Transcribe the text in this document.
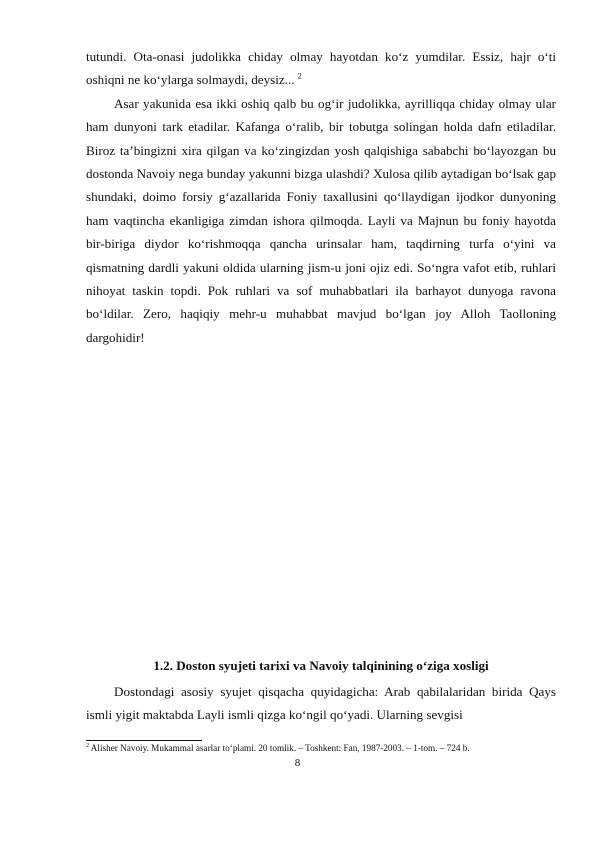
tutundi. Ota-onasi judolikka chiday olmay hayotdan ko‘z yumdilar. Essiz, hajr o‘ti oshiqni ne ko‘ylarga solmaydi, deysiz... $^2$

Asar yakunida esa ikki oshiq qalb bu og‘ir judolikka, ayrilliqqa chiday olmay ular ham dunyoni tark etadilar. Kafanga o‘ralib, bir tobutga solingan holda dafn etiladilar. Biroz ta’bingizni xira qilgan va ko‘zingizdan yosh qalqishiga sababchi bo‘layozgan bu dostonda Navoiy nega bunday yakunni bizga ulashdi? Xulosa qilib aytadigan bo‘lsak gap shundaki, doimo forsiy g‘azallarida Foniy taxallusini qo‘llaydigan ijodkor dunyoning ham vaqtincha ekanligiga zimdan ishora qilmoqda. Layli va Majnun bu foniy hayotda bir-biriga diydor ko‘rishmoqqa qancha urinsalar ham, taqdirning turfa o‘yini va qismatning dardli yakuni oldida ularning jism-u joni ojiz edi. So‘ngra vafot etib, ruhlari nihoyat taskin topdi. Pok ruhlari va sof muhabbatlari ila barhayot dunyoga ravona bo‘ldilar. Zero, haqiqiy mehr-u muhabbat mavjud bo‘lgan joy Alloh Taolloning dargohidir!

1.2. Doston syujeti tarixi va Navoiy talqinining o‘ziga xosligi

Dostondagi asosiy syujet qisqacha quyidagicha: Arab qabilalaridan birida Qays ismli yigit maktabda Layli ismli qizga ko‘ngil qo‘yadi. Ularning sevgisi

$^2$ Alisher Navoiy. Mukammal asarlar to‘plami. 20 tomlik. – Toshkent: Fan, 1987-2003. – 1-tom. – 724 b.
8
